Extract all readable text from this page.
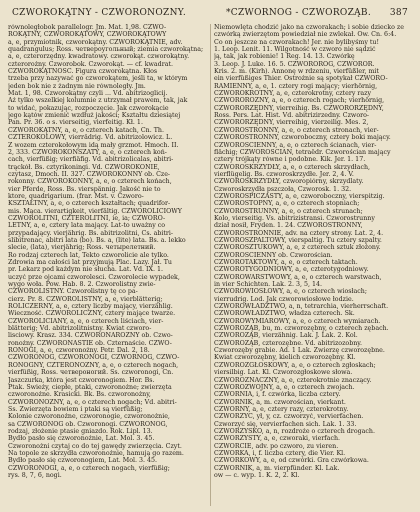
CZWOROKĄTNY - CZWORONOZNY.	*CZWORNOG - CZWOROZĄB. 387
równoległobok parallelogr. Jm. Mat. 1,98. CZWO-
ROKĄTNY, CZWOROKĄTOWY, CZWOROKĄTOWY
a, e, przymiotnik, czworokątny. CZWOROKĄTNIE, adv.
quadrangulus; Ross. четвероугольный; ziemia czworokątna;
a, e, czterorzędny. kwadratowy. czworokąt. czworokątny.
czterorożny. Czworobok. Czworokąt. — cf. kwadrat.
CZWOROKĄTNOŚĆ. Figura czworokątna. Kłos
trzeba przy nazywać go czworokątem, jeśli ta, w którym
jeden bok nie z żadnym nie równoległy. Jm.
Mat. 1, 98. Czworokątny czyli ... Vd. abitrizoglicij.
Aż tylko wszelkiej kolumnie z utrzymał prawem, tak, jak
to widać, pokazując, rozpoczęcie. Jak czworokącie
jego kątów zmienić wzdłuż jakości; Kształtu dziesiątej
Pan. Pr. 36. o s. vierseitig, vierfeitig. Kł. 1.
CZWOROKĄTNY, a, e, o czterech katach, Cn. Th.
CZTEROKOLOWY, vierrädrig. Vd. abitrizolowicz. L.
Z wozem czterokołowym idą mały grzmot. Hmoch. II.
2, 333. CZWOROKONSZATY, a, e, o czterech koń-
cach, vierfüßig; vierfiäfig. Vd. abitrizolicalas, abitri-
trąckół. Bs. cztyrikoningi. Vd. CZWOROKONIE,
czytasz, Dmoch. II. 327. CZWOROKONNY ob. Cze-
rokonny. CZWOROKONNY, a, e, o czterech końach,
vier Pferde, Ross. Bs. vierspännig. Jakość nie to
ktore, quadrigarium. (frar. Mst. v. Czworo-
KSZTAŁTNY, a, e, o czterech kształtach; quadrifor-
mis. Mąca. vierartigkeit, vierfältig. CZWOROLICIOWY
CZWOROLITNI, CZTEROLITNI, ie, ia; CZWORO-
LETNY, a, e, cztery lata mający. Lat-to uważny co
przypadający. vierjährig. Bs. abitrizolitni, Cs. abitri-
slibitrenac, abitri lata (bo). Bs. a, (lite) lata. Bs. a. lekko
slecie, (lata), vierjährig; Ross. четырелетний.
Ro rodzaj czterech lat, Tekto czworolicie ale tylko.
Zdrowia ma całości lat przyjmują Plac. Lazy. Jał. Tu
pr. Lekarz pod każdym nie słucha. Lat. Vd. IX. 1.
uczyć prze ojcami czworolesci. Czworolecie wypadek,
wygo woła. Pow. Hab. 8. 2. Czworolistny zwie-
CZWOROLISTNY. Czworolistny tę co pa-
cierz. Pr. 8. CZWOROLISTNY, a, e, vierblätterig;
ROLICZERNY, a, e, cztery liczby mający, vierzählig.
Wieczność. CZWOROLICZNY, cztery mające twarze.
CZWOROLICIANY, a, e, o czterech liściach, vier-
blätterig; Vd. abitrizolitnistny. Kwiat czworo-
lisciowy. Krasz. 334. CZWORONAROZNY ob. Czwo-
ronożny. CZWORONASTIE ob. Czternaście. CZWO-
RONOGI, a, e, czworonożny. Petr. Dal. 2, 18.
CZWORONOG, CZWORONOGI, CZWORNOG, CZWO-
RONOGNY, CZTERONOZNY, a, e, o czterech nogach,
vierfüßig, Ross. четвероногий. Ss. czworonogi, Cn.
Jaszczurka, która jest czworonogiem. Hor. Bs.
Ptak. Świeży, ciepłe, ptaki, czworonożne; zwierzęta
czworonożne. Krasicki. Bk. Bs. czworonożny,
CZWORONOZNY, a, e, o czterech nogach; Vd. abitri-
Ss. Zwierzęta bowiem i ptaki są vierfüßig;
Kolonie czworonożne, czworonogie, czworonożnie,
sa CZWORONOG ob. Czworonogi. CZWORONOG,
rodzaj, złożenie ptasie gniazdo. Rok. Lipl. 13.
Bydło pasło się czworonożnie, Lat. Mol. 3. 45.
Czworonożni czytaj co do tej gawędy zwierzęcia. Czyt.
Na topole ze skrzydła czworonożnie, hamują go razem.
Bydło pasło się czworonogiem, Lat. Mol. 3. 45.
CZWORONOGI, a, e, o czterech nogach, vierfüßig;
rys. 8, 7, 6, nogi.
Niemowlęta chodzić jako na czworakach; i sobie dziecko ze
czwórką zwierzętom powiedział nie zwlekał. Ow. Cn. 6:4.
Co on jeszcze na czworakach! Jer. nie bylibyśmy tu!
1. Leop. Lenit. 11. Wilgotność w czworo nie sądzić
ją, tak, jak robienie! 1 Reg. 14. 13. Czwórkę
3. Leop. J. Luke. 16. 5. CZWOROROG, CZWOROR.
Kris. 2. m. (Kirh). Annonę w rdzeniu, vierfüßler, mit
ein vierfüßiges Thier. Ostrożnie są spotykał CZWORO-
RAMIENNY, a, e, 1. cztery rogi mający; vierhörnig,
CZWOROKROTNY, a, e, czterokrotny, cztery razy
CZWOROROŻNY, a, e, o czterech rogach; vierhörnig,
CZWORORZĘDNY, vierreihig. Bs. CZWORORZĘDNY,
Ross. Pers. Lat. Hist. Vd. abitrizirzedny. Czworo-
CZWORORZĘDNY, vierreihig, vierzeilig. Mes. 2,
CZWOROSTRONNY, a, e, o czterech stronach, vier-
CZWOROSTRONNY, czworoboczny, cztery boki mający.
CZWOROŚCIENNY, a, e, o czterech ścianach, vier-
flächig; CZWOROŚCIAN, tetraëdr. Czworościan mający
cztery trójkąty równe i podobne. Kik. Jer. 1. 17.
CZWOROSKRZYDŁY, a, e, o czterech skrzydłach,
vierflügelig. Bs. czworoskrzydłe. Jer. 2, 4. V.
CZWOROSKRZYDŁY, czworopiórny, skrzydlaty.
Czworoskrzydła pszczoła, Czworosk. 1. 32.
CZWOROSPICZASTY, a, e, czworoboczny, vierspitzig.
CZWOROSTOPNY, a, e, o czterech stopniach;
CZWOROSTRUNNY, a, e, o czterech strunach;
Kolo, vierseitig. Vs. abitrizistransi. Czworostrunny
dział nosił, Fryden. 1. 24. CZWOROSTRONNY,
CZWOROSTRONNIE, adv. na cztery strony. Lat. 2, 4.
CZWOROSZPALTOWY, vierspaltig. Tu cztery szpalty.
CZWOROSZTUKOWY, a, e, z czterech sztuk złożony.
CZWOROŚCIENNY ob. Czworościan.
CZWOROTAKTOWY, a, e, o czterech taktach.
CZWOROTYGODNIOWY, a, e, czterotygodniowy.
CZWOROWARSTWOWY, a, e, o czterech warstwach,
in vier Schichten. Lak. 2. 3, 5, 14.
CZWOROWIOSŁOWY, a, e, o czterech wiosłach;
vierrudrig. Lod. Jak czworowiosłowe łodzie.
CZWOROWŁADZTWO, a, n, tetrarchia, vierherrschaft.
CZWOROWŁADZTWO, władza czterech. Sk.
CZWOROWYMIAROWY, a, e, o czterech wymiarach.
CZWOROZĄB, bu, m. czworozębny, o czterech zębach.
CZWOROZĄB, vierzähnig. Lak. J. Lak. 2. Kol.
CZWOROZĄB, czterozębne. Vd. abitrizozobny.
Czworozęby grabie. Ad. 1 Lak. Zwierzę czworozębne.
Kwiat czworozębny, kielich czworozębny. Kl.
CZWOROZGŁOSKOWY, a, e, o czterech zgłoskach;
viersilbig. Lat. Kl. Czworozgłoskowe słowa.
CZWOROZNACZNY, a, e, czterokrotnie znaczący.
CZWOROZWOJNY, a, e, o czterech zwojach.
CZWORNIA, i, f. czwórka, liczba cztery.
CZWORNIK, a, m. czworościan, vierkant.
CZWORNY, a, e, cztery razy, czterokrotny.
CZWORZYC, ył, y, cz. czworzyć, vervierfachen.
Czworzyć się, vervierfachen sich. Lak. 1. 33.
CZWORZYSKO, a, n, rozdroże o czterech drogach.
CZWORZYSTY, a, e, czworaki, vierfach.
CZWÓRCIE, adv. po czworo, zu vieren.
CZWÓRKA, i, f. liczba cztery, die Vier. Kl.
CZWÓRKOWY, a, e, od czwórki. Gra czwórkowa.
CZWÓRNIK, a, m. vierpfünder. Kl. Lak.
ow — c. wyp. 1. K. 2, 2. Kl.
